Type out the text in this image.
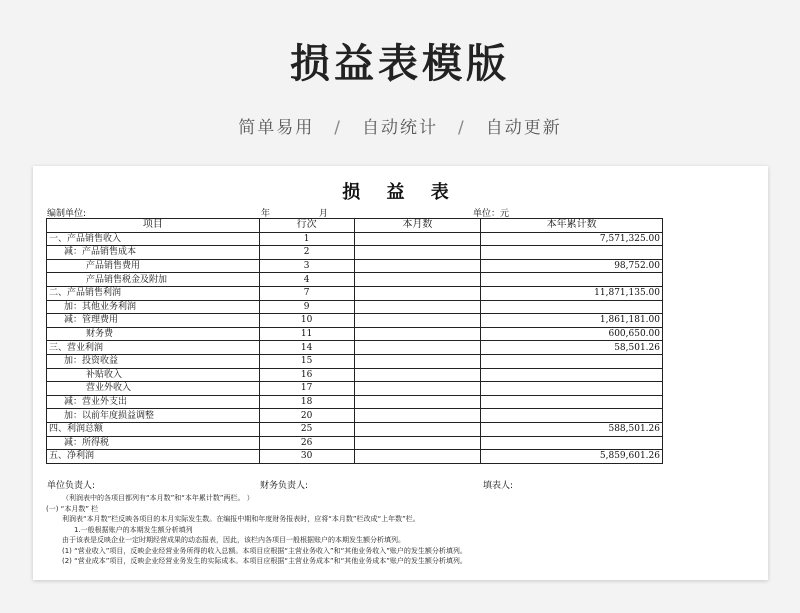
损益表模版
简单易用 / 自动统计 / 自动更新
损 益 表
编制单位:	年	月	单位：元
项目	行次	本月数	本年累计数
一、产品销售收入	1		7,571,325.00
减：产品销售成本	2		
产品销售费用	3		98,752.00
产品销售税金及附加	4		
二、产品销售利润	7		11,871,135.00
加：其他业务利润	9		
减：管理费用	10		1,861,181.00
财务费	11		600,650.00
三、营业利润	14		58,501.26
加：投资收益	15		
补贴收入	16		
营业外收入	17		
减：营业外支出	18		
加：以前年度损益调整	20		
四、利润总额	25		588,501.26
减：所得税	26		
五、净利润	30		5,859,601.26
单位负责人:	财务负责人:	填表人:
（利润表中的各项目都列有“本月数”和“本年累计数”两栏。 ）
(一) “本月数” 栏
利润表“本月数”栏反映各项目的本月实际发生数。在编报中期和年度财务报表时，应将“本月数”栏改成“上年数”栏。
1.一般根据账户的本期发生额分析填列
由于该表是反映企业一定时期经营成果的动态报表，因此，该栏内各项目一般根据账户的本期发生额分析填列。
(1) “营业收入”项目，反映企业经营业务所得的收入总额。本项目应根据“主营业务收入”和“其他业务收入”账户的发生额分析填列。
(2) “营业成本”项目，反映企业经营业务发生的实际成本。本项目应根据“主营业务成本”和“其他业务成本”账户的发生额分析填列。
